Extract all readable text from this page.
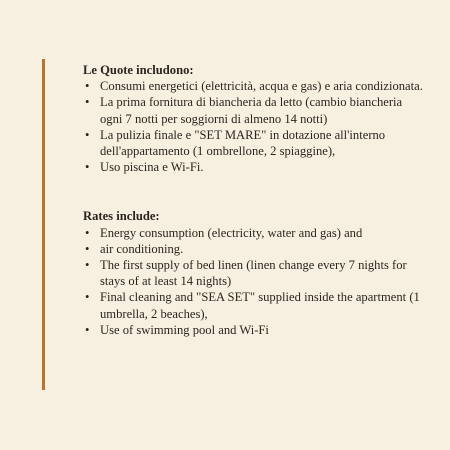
Le Quote includono:

• Consumi energetici (elettricità, acqua e gas) e aria condizionata.
• La prima fornitura di biancheria da letto (cambio biancheria ogni 7 notti per soggiorni di almeno 14 notti)
• La pulizia finale e "SET MARE" in dotazione all'interno dell'appartamento (1 ombrellone, 2 spiaggine),
• Uso piscina e Wi-Fi.

Rates include:

• Energy consumption (electricity, water and gas) and
• air conditioning.
• The first supply of bed linen (linen change every 7 nights for stays of at least 14 nights)
• Final cleaning and "SEA SET" supplied inside the apartment (1 umbrella, 2 beaches),
• Use of swimming pool and Wi-Fi
